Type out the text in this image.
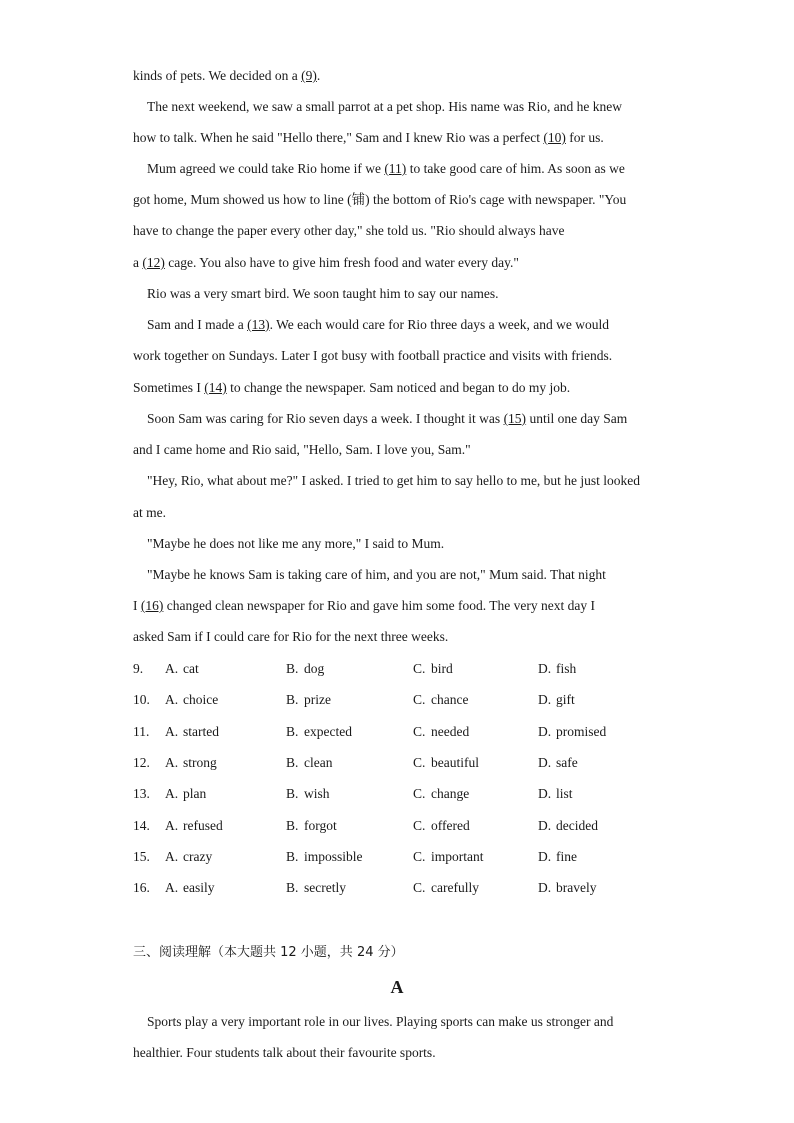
kinds of pets. We decided on a (9).
The next weekend, we saw a small parrot at a pet shop. His name was Rio, and he knew
how to talk. When he said "Hello there," Sam and I knew Rio was a perfect (10) for us.
Mum agreed we could take Rio home if we (11) to take good care of him. As soon as we
got home, Mum showed us how to line (铺) the bottom of Rio's cage with newspaper. "You
have to change the paper every other day," she told us. "Rio should always have
a (12) cage. You also have to give him fresh food and water every day."
Rio was a very smart bird. We soon taught him to say our names.
Sam and I made a (13). We each would care for Rio three days a week, and we would
work together on Sundays. Later I got busy with football practice and visits with friends.
Sometimes I (14) to change the newspaper. Sam noticed and began to do my job.
Soon Sam was caring for Rio seven days a week. I thought it was (15) until one day Sam
and I came home and Rio said, "Hello, Sam. I love you, Sam."
"Hey, Rio, what about me?" I asked. I tried to get him to say hello to me, but he just looked
at me.
"Maybe he does not like me any more," I said to Mum.
"Maybe he knows Sam is taking care of him, and you are not," Mum said. That night
I (16) changed clean newspaper for Rio and gave him some food. The very next day I
asked Sam if I could care for Rio for the next three weeks.
9. A. cat	B. dog	C. bird	D. fish
10. A. choice	B. prize	C. chance	D. gift
11. A. started	B. expected	C. needed	D. promised
12. A. strong	B. clean	C. beautiful	D. safe
13. A. plan	B. wish	C. change	D. list
14. A. refused	B. forgot	C. offered	D. decided
15. A. crazy	B. impossible	C. important	D. fine
16. A. easily	B. secretly	C. carefully	D. bravely
三、阅读理解（本大题共 12 小题，共 24 分）
A
Sports play a very important role in our lives. Playing sports can make us stronger and
healthier. Four students talk about their favourite sports.
